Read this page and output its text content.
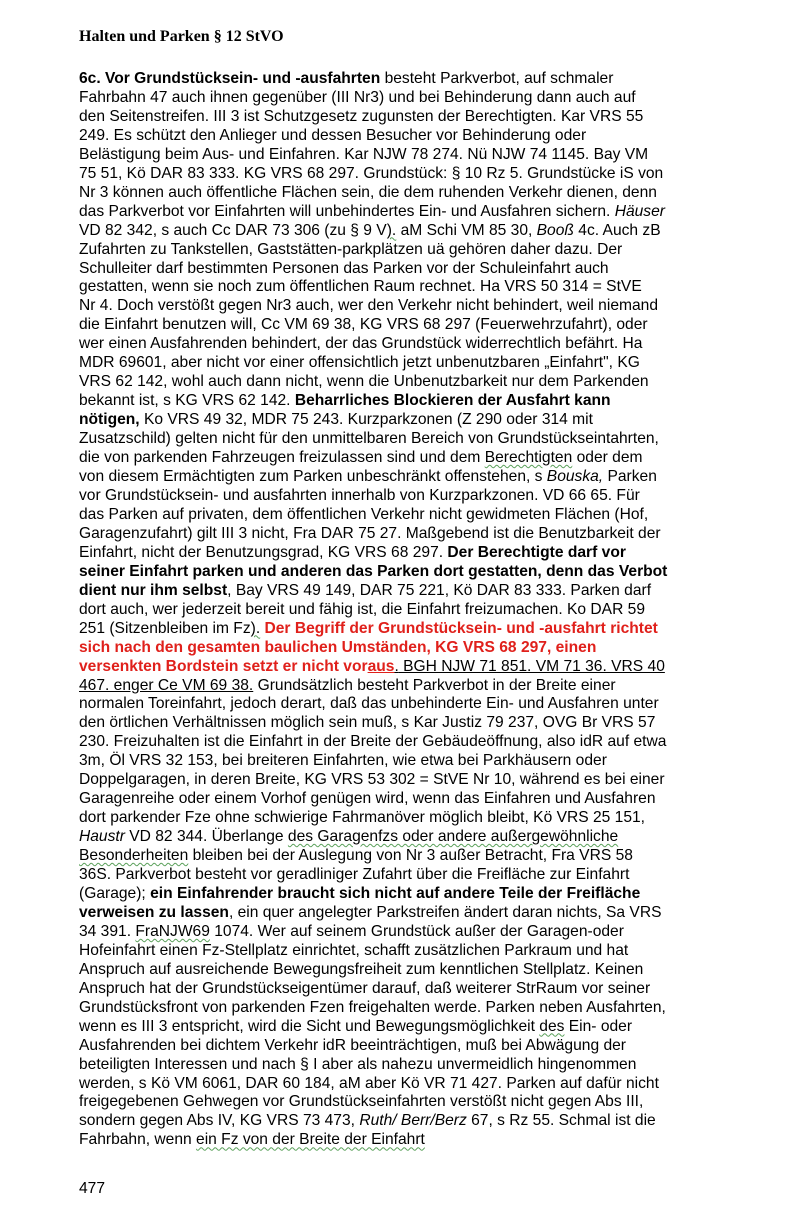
Halten und Parken § 12 StVO
6c. Vor Grundstücksein- und -ausfahrten besteht Parkverbot, auf schmaler
Fahrbahn 47 auch ihnen gegenüber (III Nr3) und bei Behinderung dann auch auf
den Seitenstreifen. III 3 ist Schutzgesetz zugunsten der Berechtigten. Kar VRS 55
249. Es schützt den Anlieger und dessen Besucher vor Behinderung oder
Belästigung beim Aus- und Einfahren. Kar NJW 78 274. Nü NJW 74 1145. Bay VM
75 51, Kö DAR 83 333. KG VRS 68 297. Grundstück: § 10 Rz 5. Grundstücke iS von
Nr 3 können auch öffentliche Flächen sein, die dem ruhenden Verkehr dienen, denn
das Parkverbot vor Einfahrten will unbehindertes Ein- und Ausfahren sichern. Häuser
VD 82 342, s auch Cc DAR 73 306 (zu § 9 V). aM Schi VM 85 30, Booß 4c. Auch zB
Zufahrten zu Tankstellen, Gaststätten-parkplätzen uä gehören daher dazu. Der
Schulleiter darf bestimmten Personen das Parken vor der Schuleinfahrt auch
gestatten, wenn sie noch zum öffentlichen Raum rechnet. Ha VRS 50 314 = StVE
Nr 4. Doch verstößt gegen Nr3 auch, wer den Verkehr nicht behindert, weil niemand
die Einfahrt benutzen will, Cc VM 69 38, KG VRS 68 297 (Feuerwehrzufahrt), oder
wer einen Ausfahrenden behindert, der das Grundstück widerrechtlich befährt. Ha
MDR 69601, aber nicht vor einer offensichtlich jetzt unbenutzbaren „Einfahrt", KG
VRS 62 142, wohl auch dann nicht, wenn die Unbenutzbarkeit nur dem Parkenden
bekannt ist, s KG VRS 62 142. Beharrliches Blockieren der Ausfahrt kann
nötigen, Ko VRS 49 32, MDR 75 243. Kurzparkzonen (Z 290 oder 314 mit
Zusatzschild) gelten nicht für den unmittelbaren Bereich von Grundstückseintahrten,
die von parkenden Fahrzeugen freizulassen sind und dem Berechtigten oder dem
von diesem Ermächtigten zum Parken unbeschränkt offenstehen, s Bouska, Parken
vor Grundstücksein- und ausfahrten innerhalb von Kurzparkzonen. VD 66 65. Für
das Parken auf privaten, dem öffentlichen Verkehr nicht gewidmeten Flächen (Hof,
Garagenzufahrt) gilt III 3 nicht, Fra DAR 75 27. Maßgebend ist die Benutzbarkeit der
Einfahrt, nicht der Benutzungsgrad, KG VRS 68 297. Der Berechtigte darf vor
seiner Einfahrt parken und anderen das Parken dort gestatten, denn das Verbot
dient nur ihm selbst, Bay VRS 49 149, DAR 75 221, Kö DAR 83 333. Parken darf
dort auch, wer jederzeit bereit und fähig ist, die Einfahrt freizumachen. Ko DAR 59
251 (Sitzenbleiben im Fz). Der Begriff der Grundstücksein- und -ausfahrt richtet
sich nach den gesamten baulichen Umständen, KG VRS 68 297, einen
versenkten Bordstein setzt er nicht voraus. BGH NJW 71 851. VM 71 36. VRS 40
467. enger Ce VM 69 38. Grundsätzlich besteht Parkverbot in der Breite einer
normalen Toreinfahrt, jedoch derart, daß das unbehinderte Ein- und Ausfahren unter
den örtlichen Verhältnissen möglich sein muß, s Kar Justiz 79 237, OVG Br VRS 57
230. Freizuhalten ist die Einfahrt in der Breite der Gebäudeöffnung, also idR auf etwa
3m, Öl VRS 32 153, bei breiteren Einfahrten, wie etwa bei Parkhäusern oder
Doppelgaragen, in deren Breite, KG VRS 53 302 = StVE Nr 10, während es bei einer
Garagenreihe oder einem Vorhof genügen wird, wenn das Einfahren und Ausfahren
dort parkender Fze ohne schwierige Fahrmanöver möglich bleibt, Kö VRS 25 151,
Haustr VD 82 344. Überlange des Garagenfzs oder andere außergewöhnliche
Besonderheiten bleiben bei der Auslegung von Nr 3 außer Betracht, Fra VRS 58
36S. Parkverbot besteht vor geradliniger Zufahrt über die Freifläche zur Einfahrt
(Garage); ein Einfahrender braucht sich nicht auf andere Teile der Freifläche
verweisen zu lassen, ein quer angelegter Parkstreifen ändert daran nichts, Sa VRS
34 391. FraNJW69 1074. Wer auf seinem Grundstück außer der Garagen-oder
Hofeinfahrt einen Fz-Stellplatz einrichtet, schafft zusätzlichen Parkraum und hat
Anspruch auf ausreichende Bewegungsfreiheit zum kenntlichen Stellplatz. Keinen
Anspruch hat der Grundstückseigentümer darauf, daß weiterer StrRaum vor seiner
Grundstücksfront von parkenden Fzen freigehalten werde. Parken neben Ausfahrten,
wenn es III 3 entspricht, wird die Sicht und Bewegungsmöglichkeit des Ein- oder
Ausfahrenden bei dichtem Verkehr idR beeinträchtigen, muß bei Abwägung der
beteiligten Interessen und nach § I aber als nahezu unvermeidlich hingenommen
werden, s Kö VM 6061, DAR 60 184, aM aber Kö VR 71 427. Parken auf dafür nicht
freigegebenen Gehwegen vor Grundstückseinfahrten verstößt nicht gegen Abs III,
sondern gegen Abs IV, KG VRS 73 473, Ruth/ Berr/Berz 67, s Rz 55. Schmal ist die
Fahrbahn, wenn ein Fz von der Breite der Einfahrt
477
